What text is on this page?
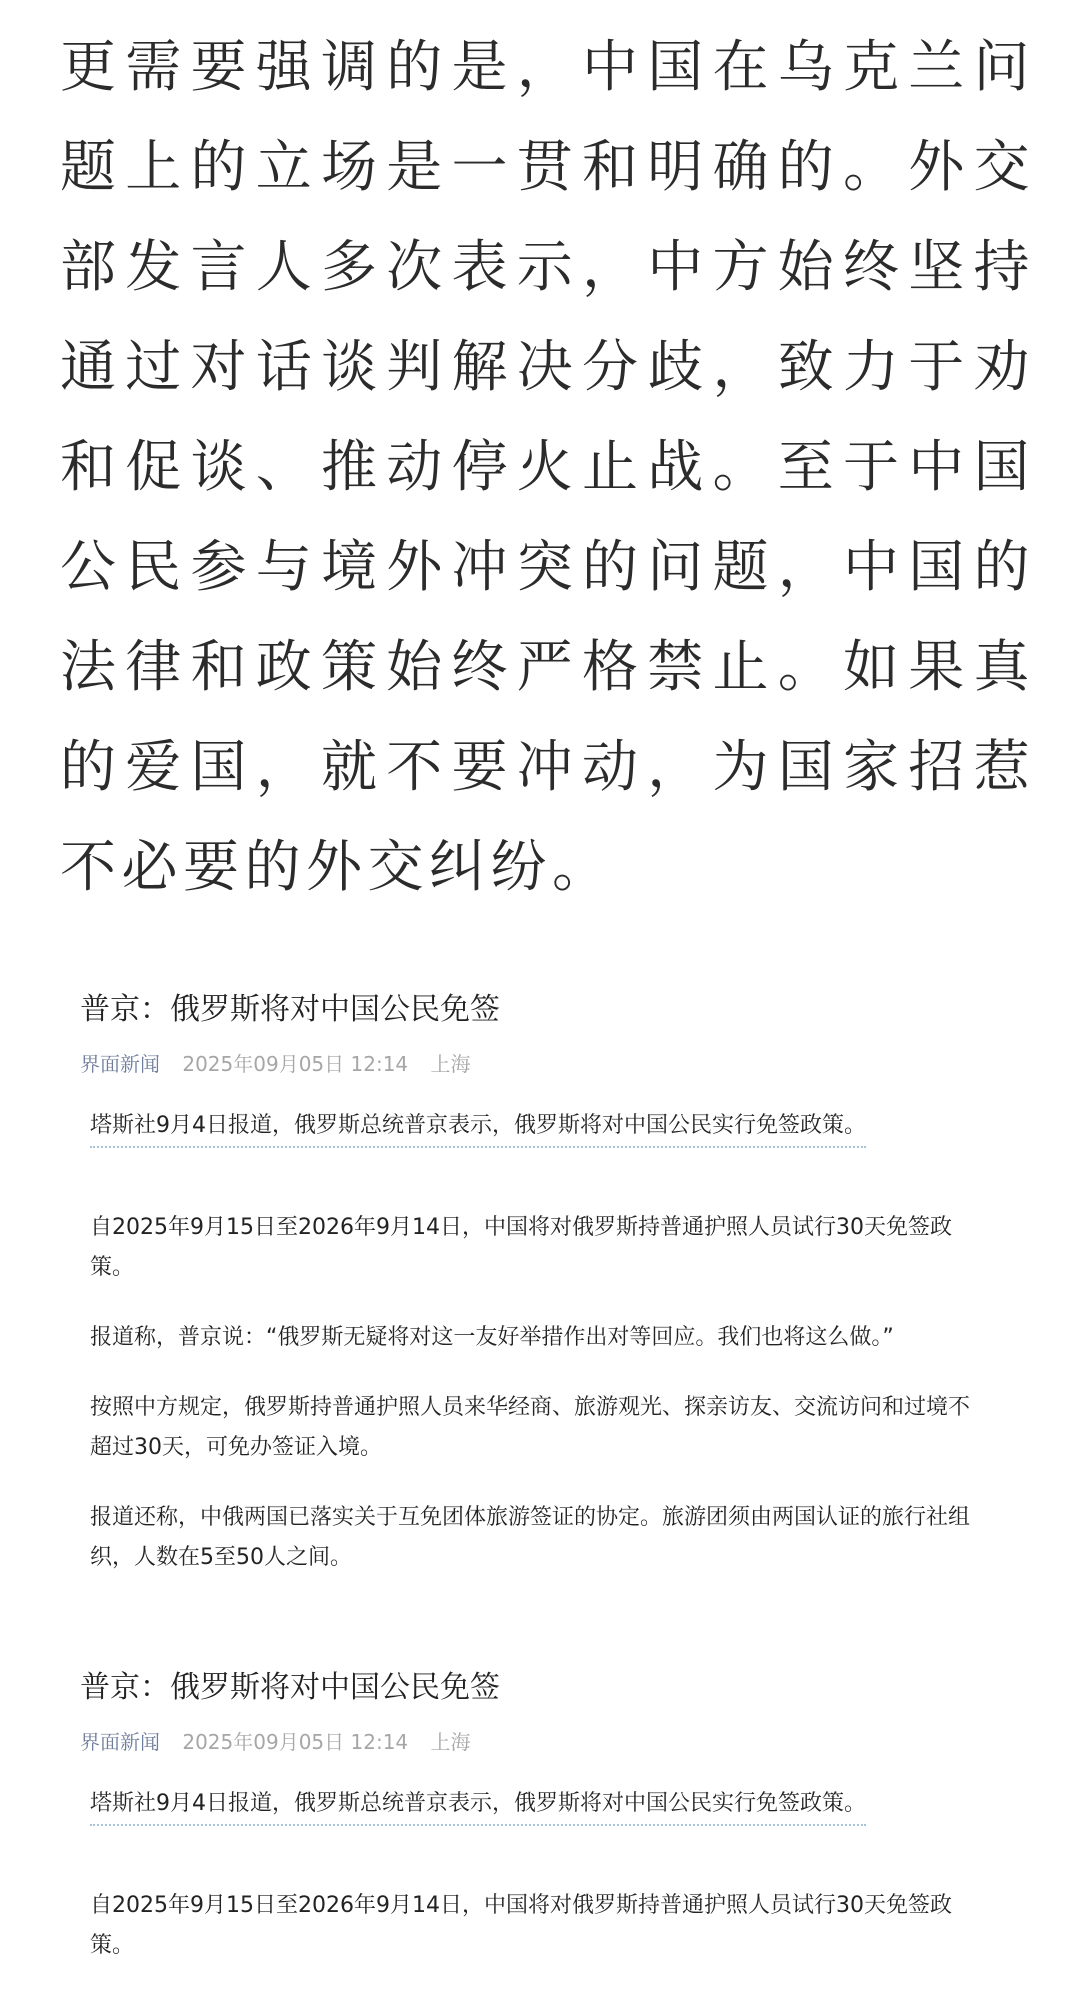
更需要强调的是，中国在乌克兰问题上的立场是一贯和明确的。外交部发言人多次表示，中方始终坚持通过对话谈判解决分歧，致力于劝和促谈、推动停火止战。至于中国公民参与境外冲突的问题，中国的法律和政策始终严格禁止。如果真的爱国，就不要冲动，为国家招惹不必要的外交纠纷。
普京：俄罗斯将对中国公民免签
界面新闻 2025年09月05日 12:14 上海
塔斯社9月4日报道，俄罗斯总统普京表示，俄罗斯将对中国公民实行免签政策。

自2025年9月15日至2026年9月14日，中国将对俄罗斯持普通护照人员试行30天免签政策。

报道称，普京说：“俄罗斯无疑将对这一友好举措作出对等回应。我们也将这么做。”

按照中方规定，俄罗斯持普通护照人员来华经商、旅游观光、探亲访友、交流访问和过境不超过30天，可免办签证入境。

报道还称，中俄两国已落实关于互免团体旅游签证的协定。旅游团须由两国认证的旅行社组织，人数在5至50人之间。

普京：俄罗斯将对中国公民免签
界面新闻 2025年09月05日 12:14 上海
塔斯社9月4日报道，俄罗斯总统普京表示，俄罗斯将对中国公民实行免签政策。

自2025年9月15日至2026年9月14日，中国将对俄罗斯持普通护照人员试行30天免签政策。
